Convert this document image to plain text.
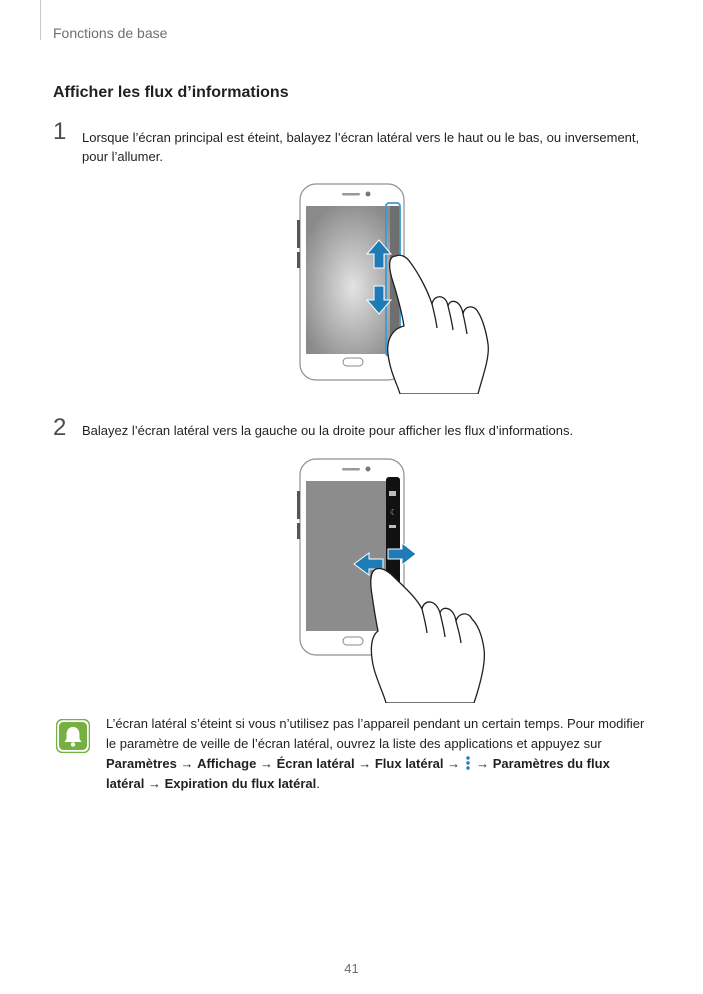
Fonctions de base
Afficher les flux d’informations
1 Lorsque l’écran principal est éteint, balayez l’écran latéral vers le haut ou le bas, ou inversement, pour l’allumer.
2 Balayez l’écran latéral vers la gauche ou la droite pour afficher les flux d’informations.
☾
L’écran latéral s’éteint si vous n’utilisez pas l’appareil pendant un certain temps. Pour modifier le paramètre de veille de l’écran latéral, ouvrez la liste des applications et appuyez sur Paramètres → Affichage → Écran latéral → Flux latéral → → Paramètres du flux latéral → Expiration du flux latéral.
41
